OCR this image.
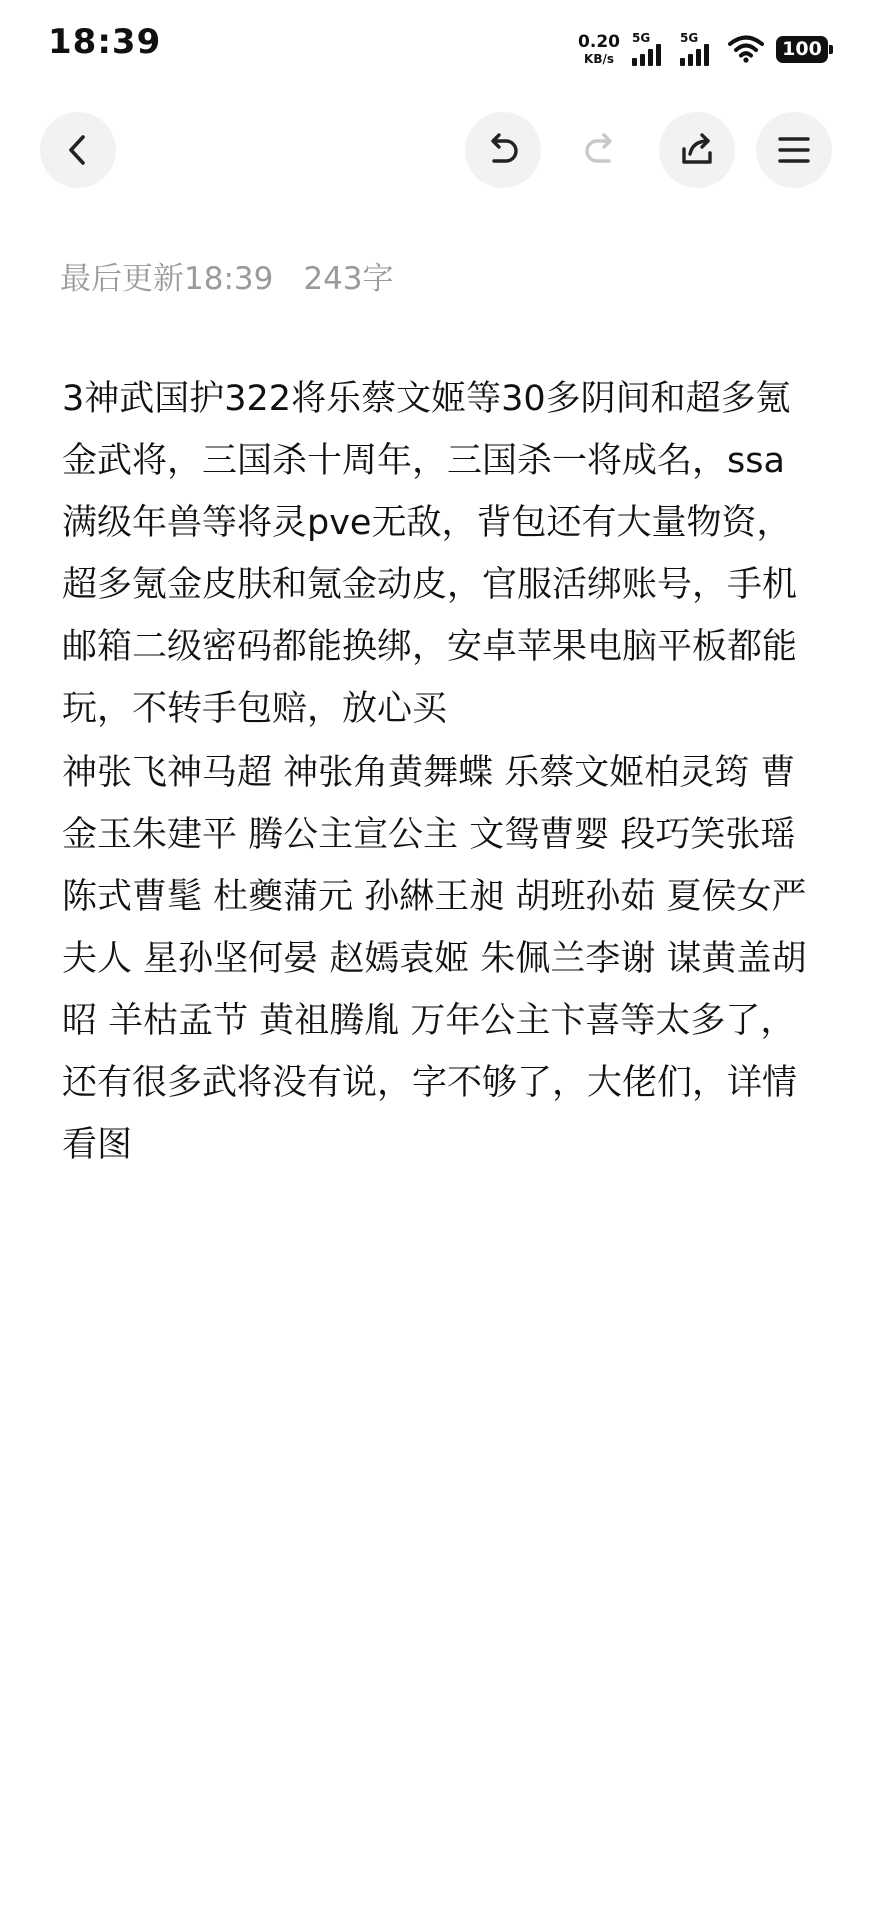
18:39	0.20
KB/s
5G 5G	100
最后更新18:39 243字

3神武国护322将乐蔡文姬等30多阴间和超多氪金武将，三国杀十周年，三国杀一将成名，ssa满级年兽等将灵pve无敌，背包还有大量物资，超多氪金皮肤和氪金动皮，官服活绑账号，手机邮箱二级密码都能换绑，安卓苹果电脑平板都能玩，不转手包赔，放心买

神张飞神马超 神张角黄舞蝶 乐蔡文姬柏灵筠 曹金玉朱建平 腾公主宣公主 文鸳曹婴 段巧笑张瑶 陈式曹髦 杜夔蒲元 孙綝王昶 胡班孙茹 夏侯女严夫人 星孙坚何晏 赵嫣袁姬 朱佩兰李谢 谋黄盖胡昭 羊枯孟节 黄祖腾胤 万年公主卞喜等太多了，还有很多武将没有说，字不够了，大佬们，详情看图
